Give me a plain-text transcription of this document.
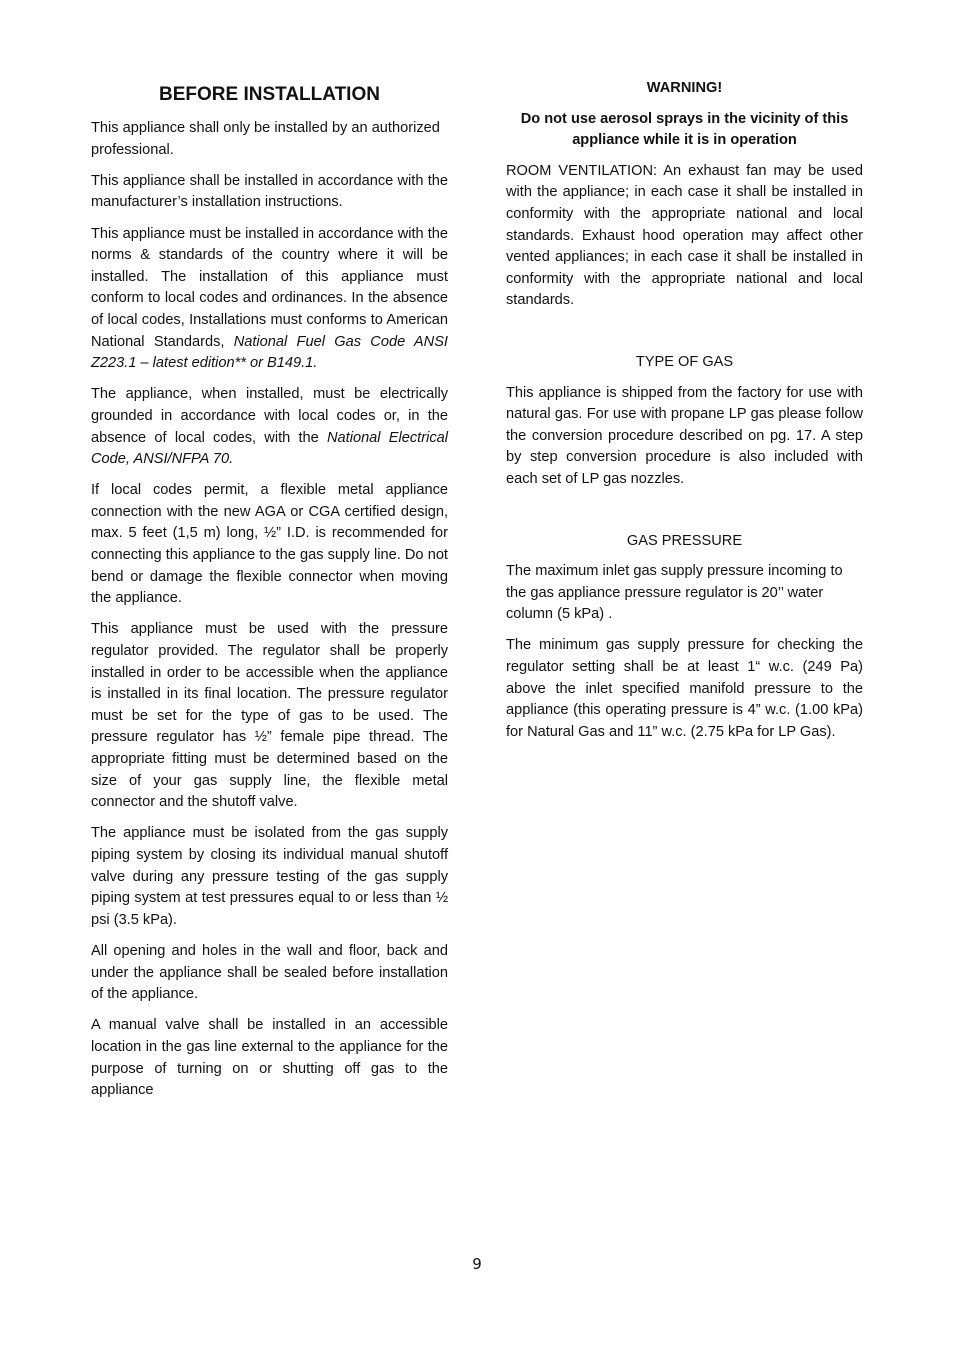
BEFORE INSTALLATION

This appliance shall only be installed by an authorized professional.

This appliance shall be installed in accordance with the manufacturer’s installation instructions.

This appliance must be installed in accordance with the norms & standards of the country where it will be installed. The installation of this appliance must conform to local codes and ordinances. In the absence of local codes, Installations must conforms to American National Standards, National Fuel Gas Code ANSI Z223.1 – latest edition** or B149.1.

The appliance, when installed, must be electrically grounded in accordance with local codes or, in the absence of local codes, with the National Electrical Code, ANSI/NFPA 70.

If local codes permit, a flexible metal appliance connection with the new AGA or CGA certified design, max. 5 feet (1,5 m) long, ½” I.D. is recommended for connecting this appliance to the gas supply line. Do not bend or damage the flexible connector when moving the appliance.

This appliance must be used with the pressure regulator provided. The regulator shall be properly installed in order to be accessible when the appliance is installed in its final location. The pressure regulator must be set for the type of gas to be used. The pressure regulator has ½” female pipe thread. The appropriate fitting must be determined based on the size of your gas supply line, the flexible metal connector and the shutoff valve.

The appliance must be isolated from the gas supply piping system by closing its individual manual shutoff valve during any pressure testing of the gas supply piping system at test pressures equal to or less than ½ psi (3.5 kPa).

All opening and holes in the wall and floor, back and under the appliance shall be sealed before installation of the appliance.

A manual valve shall be installed in an accessible location in the gas line external to the appliance for the purpose of turning on or shutting off gas to the appliance

WARNING!
Do not use aerosol sprays in the vicinity of this appliance while it is in operation

ROOM VENTILATION: An exhaust fan may be used with the appliance; in each case it shall be installed in conformity with the appropriate national and local standards. Exhaust hood operation may affect other vented appliances; in each case it shall be installed in conformity with the appropriate national and local standards.

TYPE OF GAS

This appliance is shipped from the factory for use with natural gas. For use with propane LP gas please follow the conversion procedure described on pg. 17. A step by step conversion procedure is also included with each set of LP gas nozzles.

GAS PRESSURE

The maximum inlet gas supply pressure incoming to the gas appliance pressure regulator is 20’’ water column (5 kPa) .

The minimum gas supply pressure for checking the regulator setting shall be at least 1“ w.c. (249 Pa) above the inlet specified manifold pressure to the appliance (this operating pressure is 4” w.c. (1.00 kPa) for Natural Gas and 11” w.c. (2.75 kPa for LP Gas).

9
